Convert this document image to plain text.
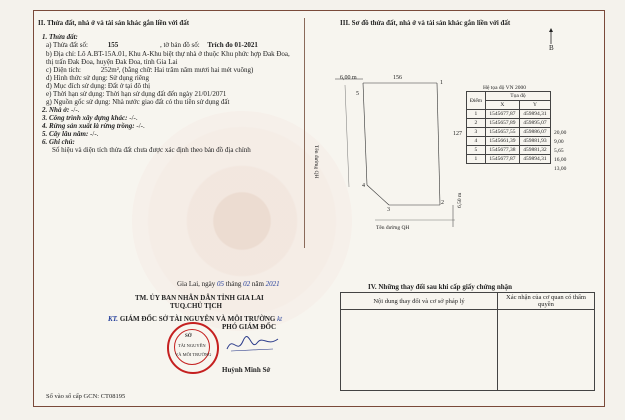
II. Thửa đất, nhà ở và tài sản khác gắn liền với đất
1. Thửa đất:
a) Thửa đất số:	155	, tờ bản đồ số: Trích đo 01-2021
b) Địa chỉ: Lô A.BT-15A.01, Khu A-Khu biệt thự nhà ở thuộc Khu phức hợp Đak Đoa,
thị trấn Đak Đoa, huyện Đak Đoa, tỉnh Gia Lai
c) Diện tích:	252m², (bằng chữ: Hai trăm năm mươi hai mét vuông)
d) Hình thức sử dụng: Sử dụng riêng
đ) Mục đích sử dụng: Đất ở tại đô thị
e) Thời hạn sử dụng: Thời hạn sử dụng đất đến ngày 21/01/2071
g) Nguồn gốc sử dụng: Nhà nước giao đất có thu tiền sử dụng đất
2. Nhà ở: -/-.
3. Công trình xây dựng khác: -/-.
4. Rừng sản xuất là rừng trồng: -/-.
5. Cây lâu năm: -/-.
6. Ghi chú:
Số hiệu và diện tích thửa đất chưa được xác định theo bản đồ địa chính
III. Sơ đồ thửa đất, nhà ở và tài sản khác gắn liền với đất
B
6,00 m	156
127
Tên đường QH
Tên đường QH
6,50 m
1
2
3
4
5
Hệ tọa độ VN 2000
Điểm	Tọa độ	
	X	Y
1	1545677,87	459894,31
2	1545657,89	459895,07
3	1545657,55	459886,07
4	1545661,39	459881,93
5	1545677,38	459881,32
1	1545677,87	459894,31
20,00
9,00
5,65
16,00
13,00
Gia Lai, ngày 05 tháng 02 năm 2021
TM. ỦY BAN NHÂN DÂN TỈNH GIA LAI
TUQ.CHỦ TỊCH
KT. GIÁM ĐỐC SỞ TÀI NGUYÊN VÀ MÔI TRƯỜNG kt
PHÓ GIÁM ĐỐC
SỞ
TÀI NGUYÊN
VÀ MÔI TRƯỜNG
Huỳnh Minh Sở
IV. Những thay đổi sau khi cấp giấy chứng nhận
Nội dung thay đổi và cơ sở pháp lý	Xác nhận của cơ quan có thẩm quyền

Số vào sổ cấp GCN: CT08195
